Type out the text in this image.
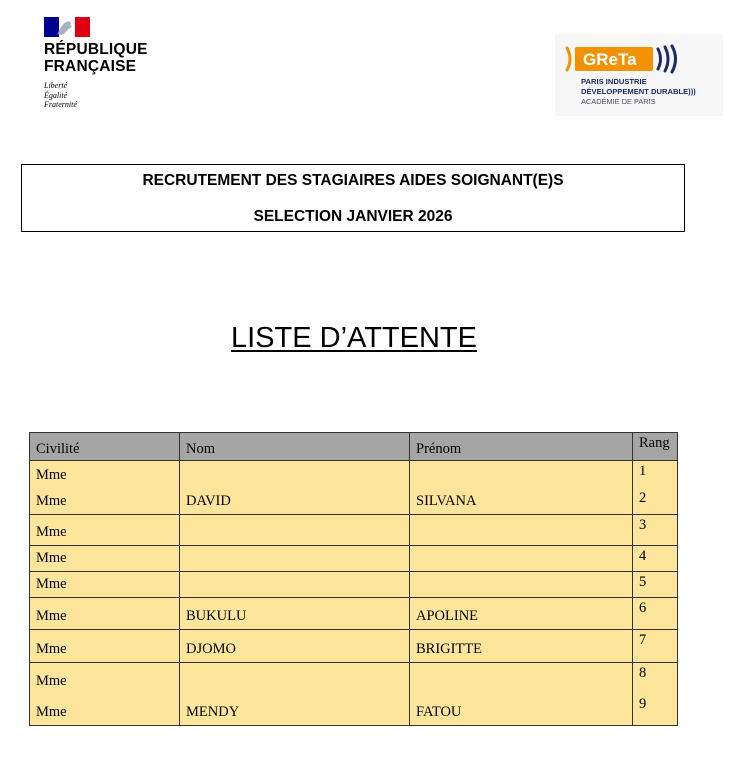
RÉPUBLIQUE
FRANÇAISE
Liberté
Égalité
Fraternité
GReTa
PARIS INDUSTRIE
DÉVELOPPEMENT DURABLE)))
ACADÉMIE DE PARIS
RECRUTEMENT DES STAGIAIRES AIDES SOIGNANT(E)S
SELECTION JANVIER 2026
LISTE D’ATTENTE
Civilité	Nom	Prénom	Rang
Mme			1
Mme	DAVID	SILVANA	2
Mme			3
Mme			4
Mme			5
Mme	BUKULU	APOLINE	6
Mme	DJOMO	BRIGITTE	7
Mme			8
Mme	MENDY	FATOU	9
